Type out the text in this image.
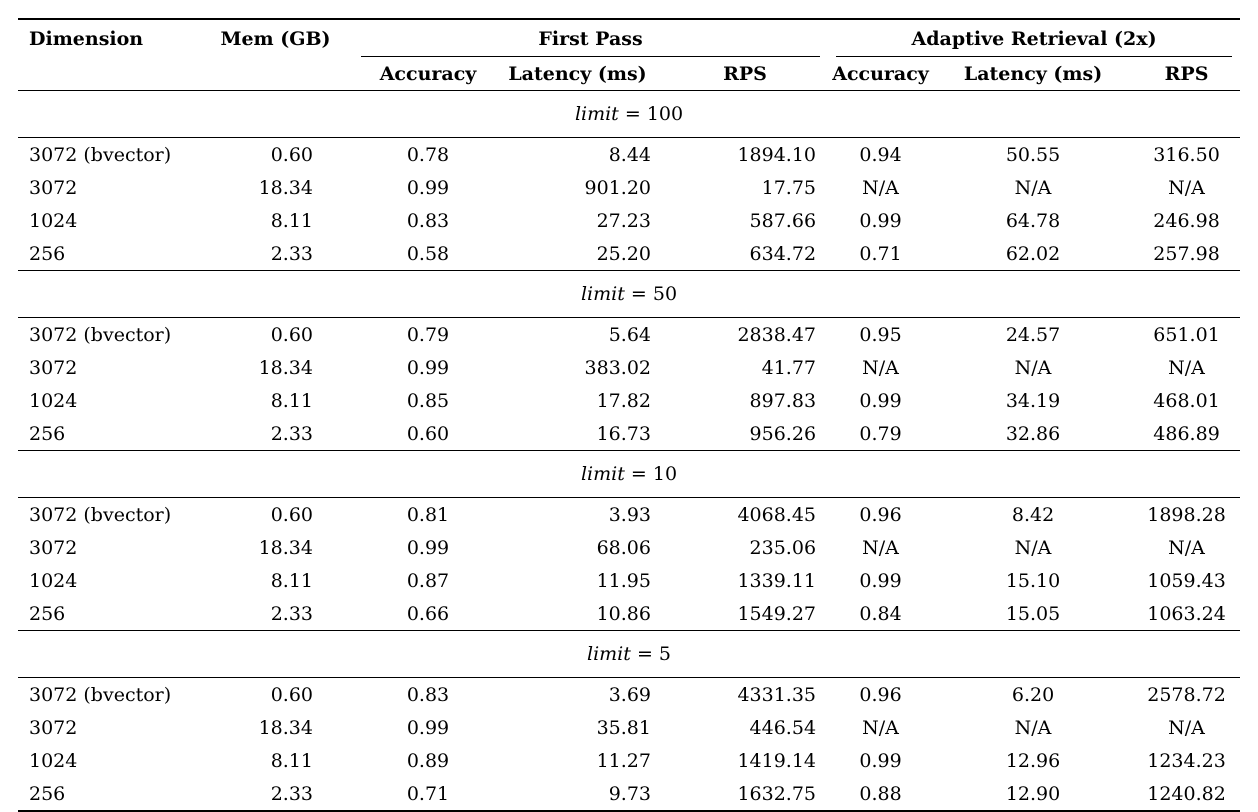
Dimension	Mem (GB)	First Pass			Adaptive Retrieval (2x)		
		Accuracy	Latency (ms)	RPS	Accuracy	Latency (ms)	RPS
limit = 100							
3072 (bvector)	0.60	0.78	8.44	1894.10	0.94	50.55	316.50
3072	18.34	0.99	901.20	17.75	N/A	N/A	N/A
1024	8.11	0.83	27.23	587.66	0.99	64.78	246.98
256	2.33	0.58	25.20	634.72	0.71	62.02	257.98
limit = 50							
3072 (bvector)	0.60	0.79	5.64	2838.47	0.95	24.57	651.01
3072	18.34	0.99	383.02	41.77	N/A	N/A	N/A
1024	8.11	0.85	17.82	897.83	0.99	34.19	468.01
256	2.33	0.60	16.73	956.26	0.79	32.86	486.89
limit = 10							
3072 (bvector)	0.60	0.81	3.93	4068.45	0.96	8.42	1898.28
3072	18.34	0.99	68.06	235.06	N/A	N/A	N/A
1024	8.11	0.87	11.95	1339.11	0.99	15.10	1059.43
256	2.33	0.66	10.86	1549.27	0.84	15.05	1063.24
limit = 5							
3072 (bvector)	0.60	0.83	3.69	4331.35	0.96	6.20	2578.72
3072	18.34	0.99	35.81	446.54	N/A	N/A	N/A
1024	8.11	0.89	11.27	1419.14	0.99	12.96	1234.23
256	2.33	0.71	9.73	1632.75	0.88	12.90	1240.82
